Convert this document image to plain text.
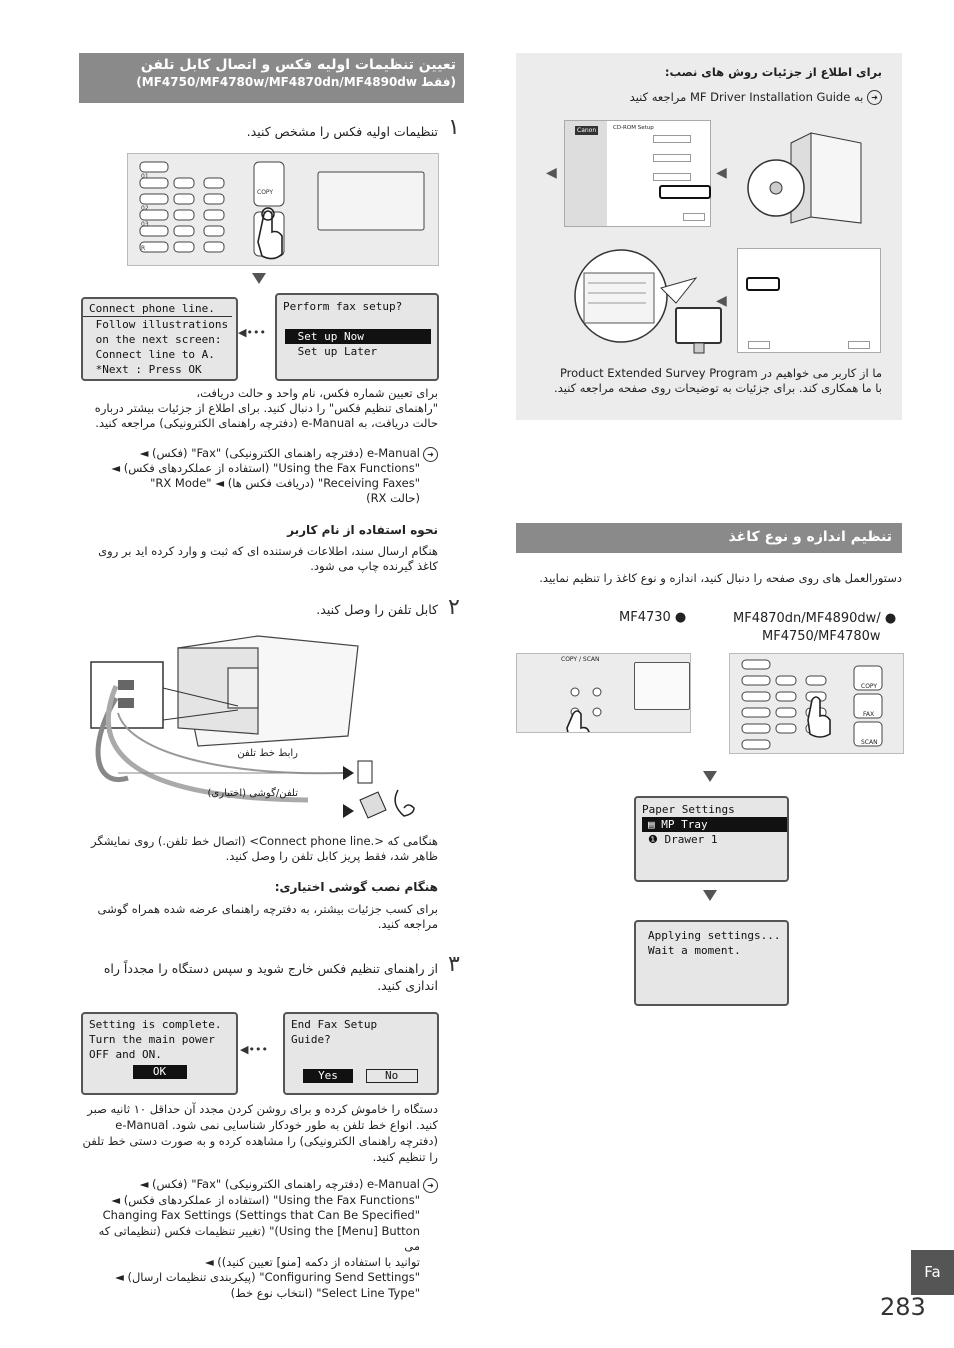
تعیین تنظیمات اولیه فکس و اتصال کابل تلفن
(فقط MF4750/MF4780w/MF4870dn/MF4890dw)
۱
تنظیمات اولیه فکس را مشخص کنید.
01
02
03
R
COPY
Connect phone line.
Follow illustrations
on the next screen:
Connect line to A.
*Next : Press OK
◀•••
Perform fax setup?
Set up Now
Set up Later
برای تعیین شماره فکس، نام واحد و حالت دریافت،
"راهنمای تنظیم فکس" را دنبال کنید. برای اطلاع از جزئیات بیشتر درباره
حالت دریافت، به e-Manual (دفترچه راهنمای الکترونیکی) مراجعه کنید.
➜
e-Manual (دفترچه راهنمای الکترونیکی) "Fax" (فکس) ◄
"Using the Fax Functions" (استفاده از عملکردهای فکس) ◄
"Receiving Faxes" (دریافت فکس ها) ◄ "RX Mode"
(حالت RX)
نحوه استفاده از نام کاربر
هنگام ارسال سند، اطلاعات فرستنده ای که ثبت و وارد کرده اید بر روی
کاغذ گیرنده چاپ می شود.
۲
کابل تلفن را وصل کنید.
رابط خط تلفن
تلفن/گوشی (اختیاری)
هنگامی که <.Connect phone line> (اتصال خط تلفن.) روی نمایشگر
ظاهر شد، فقط پریز کابل تلفن را وصل کنید.
هنگام نصب گوشی اختیاری:
برای کسب جزئیات بیشتر، به دفترچه راهنمای عرضه شده همراه گوشی
مراجعه کنید.
۳
از راهنمای تنظیم فکس خارج شوید و سپس دستگاه را مجدداً راه
اندازی کنید.
Setting is complete.
Turn the main power
OFF and ON.
OK
◀•••
End Fax Setup
Guide?
Yes	No
دستگاه را خاموش کرده و برای روشن کردن مجدد آن حداقل ۱۰ ثانیه صبر
کنید. انواع خط تلفن به طور خودکار شناسایی نمی شود. e-Manual
(دفترچه راهنمای الکترونیکی) را مشاهده کرده و به صورت دستی خط تلفن
را تنظیم کنید.
➜
e-Manual (دفترچه راهنمای الکترونیکی) "Fax" (فکس) ◄
"Using the Fax Functions" (استفاده از عملکردهای فکس) ◄
"Changing Fax Settings (Settings that Can Be Specified
Using the [Menu] Button)" (تغییر تنظیمات فکس (تنظیماتی که می
توانید با استفاده از دکمه [منو] تعیین کنید)) ◄
"Configuring Send Settings" (پیکربندی تنظیمات ارسال) ◄
"Select Line Type" (انتخاب نوع خط)
برای اطلاع از جزئیات روش های نصب:
➜ به MF Driver Installation Guide مراجعه کنید
Canon	CD-ROM Setup
◀	◀
◀
ما از کاربر می خواهیم در Product Extended Survey Program
با ما همکاری کند. برای جزئیات به توضیحات روی صفحه مراجعه کنید.
تنظیم اندازه و نوع کاغذ
دستورالعمل های روی صفحه را دنبال کنید، اندازه و نوع کاغذ را تنظیم نمایید.
MF4730 ●	MF4870dn/MF4890dw/ ●
MF4750/MF4780w
COPY / SCAN
COPY
FAX
SCAN
Paper Settings
▤ MP Tray
❶ Drawer 1
Applying settings...
Wait a moment.
Fa
283
